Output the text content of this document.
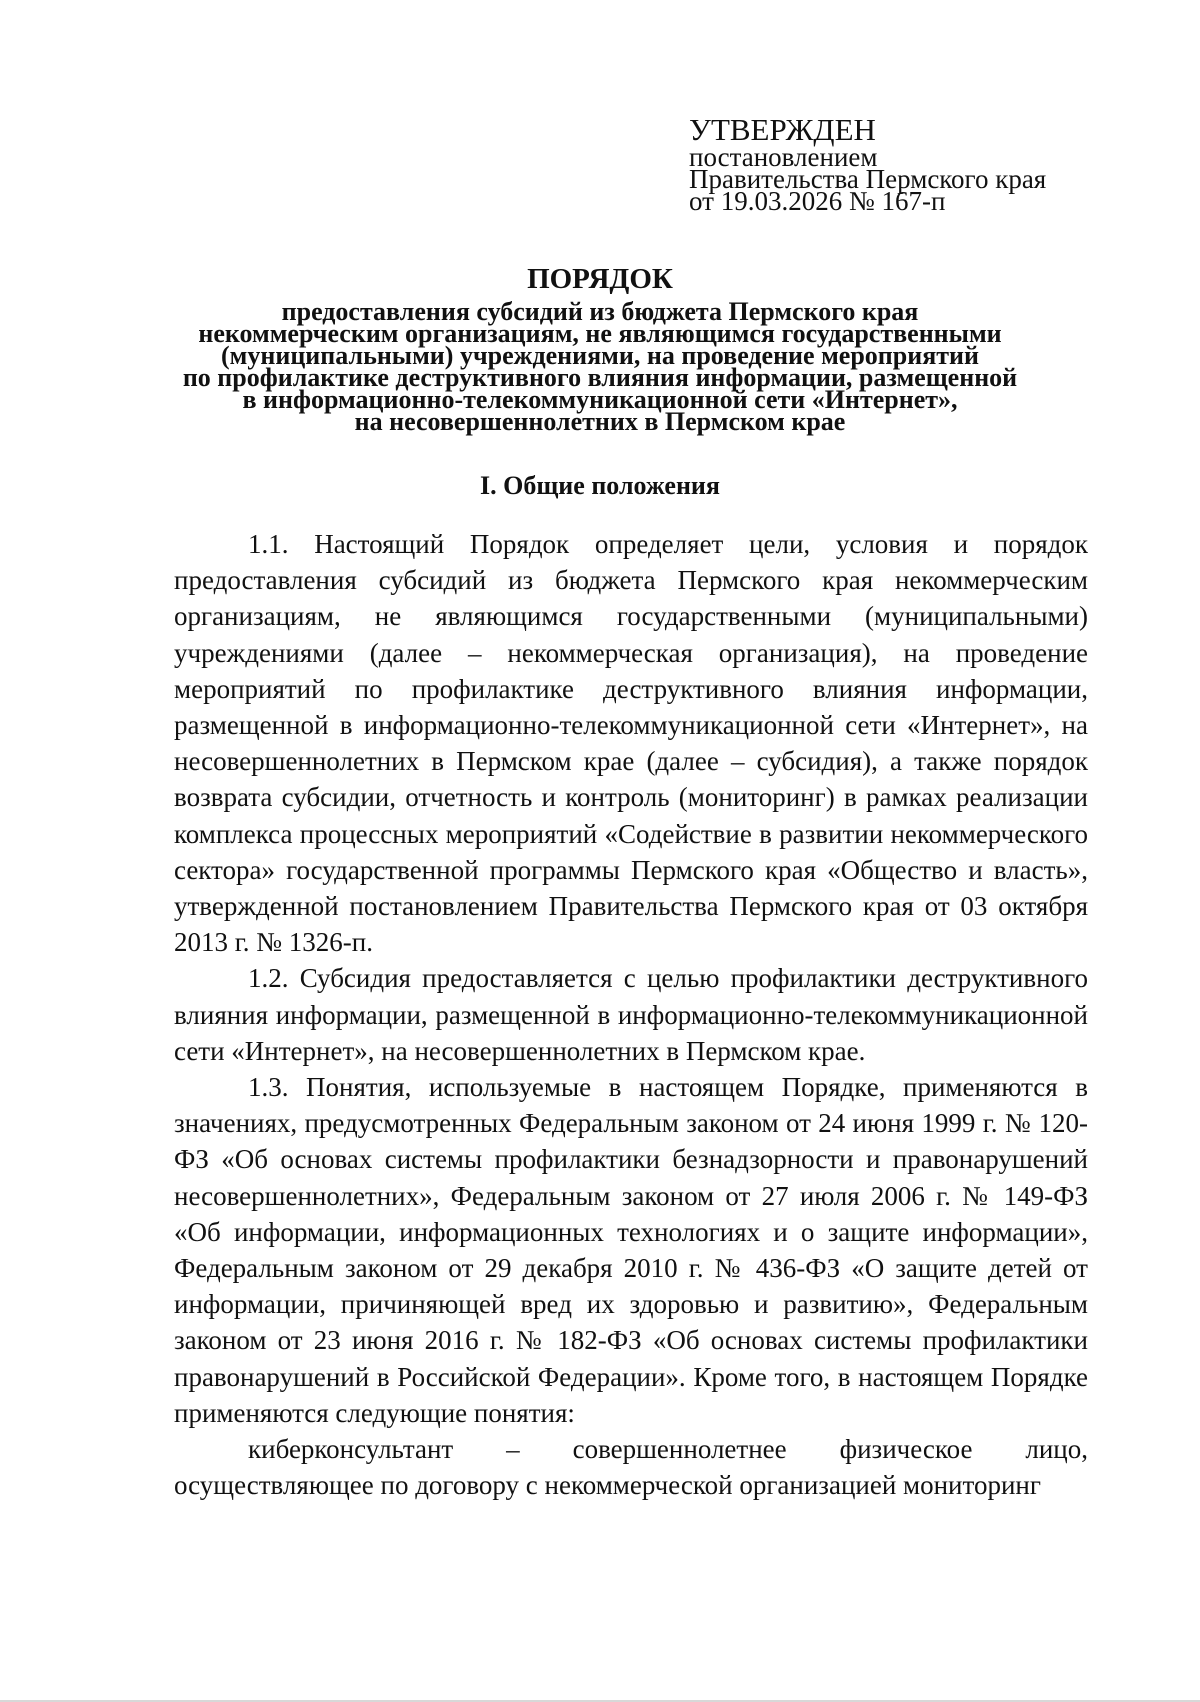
УТВЕРЖДЕН
постановлением
Правительства Пермского края
от 19.03.2026 № 167-п
ПОРЯДОК
предоставления субсидий из бюджета Пермского края
некоммерческим организациям, не являющимся государственными
(муниципальными) учреждениями, на проведение мероприятий
по профилактике деструктивного влияния информации, размещенной
в информационно-телекоммуникационной сети «Интернет»,
на несовершеннолетних в Пермском крае
I. Общие положения

1.1. Настоящий Порядок определяет цели, условия и порядок предоставления субсидий из бюджета Пермского края некоммерческим организациям, не являющимся государственными (муниципальными) учреждениями (далее – некоммерческая организация), на проведение мероприятий по профилактике деструктивного влияния информации, размещенной в информационно-телекоммуникационной сети «Интернет», на несовершеннолетних в Пермском крае (далее – субсидия), а также порядок возврата субсидии, отчетность и контроль (мониторинг) в рамках реализации комплекса процессных мероприятий «Содействие в развитии некоммерческого сектора» государственной программы Пермского края «Общество и власть», утвержденной постановлением Правительства Пермского края от 03 октября 2013 г. № 1326-п.

1.2. Субсидия предоставляется с целью профилактики деструктивного влияния информации, размещенной в информационно-телекоммуникационной сети «Интернет», на несовершеннолетних в Пермском крае.

1.3. Понятия, используемые в настоящем Порядке, применяются в значениях, предусмотренных Федеральным законом от 24 июня 1999 г. № 120-ФЗ «Об основах системы профилактики безнадзорности и правонарушений несовершеннолетних», Федеральным законом от 27 июля 2006 г. № 149-ФЗ «Об информации, информационных технологиях и о защите информации», Федеральным законом от 29 декабря 2010 г. № 436-ФЗ «О защите детей от информации, причиняющей вред их здоровью и развитию», Федеральным законом от 23 июня 2016 г. № 182-ФЗ «Об основах системы профилактики правонарушений в Российской Федерации». Кроме того, в настоящем Порядке применяются следующие понятия:

киберконсультант – совершеннолетнее физическое лицо, осуществляющее по договору с некоммерческой организацией мониторинг
